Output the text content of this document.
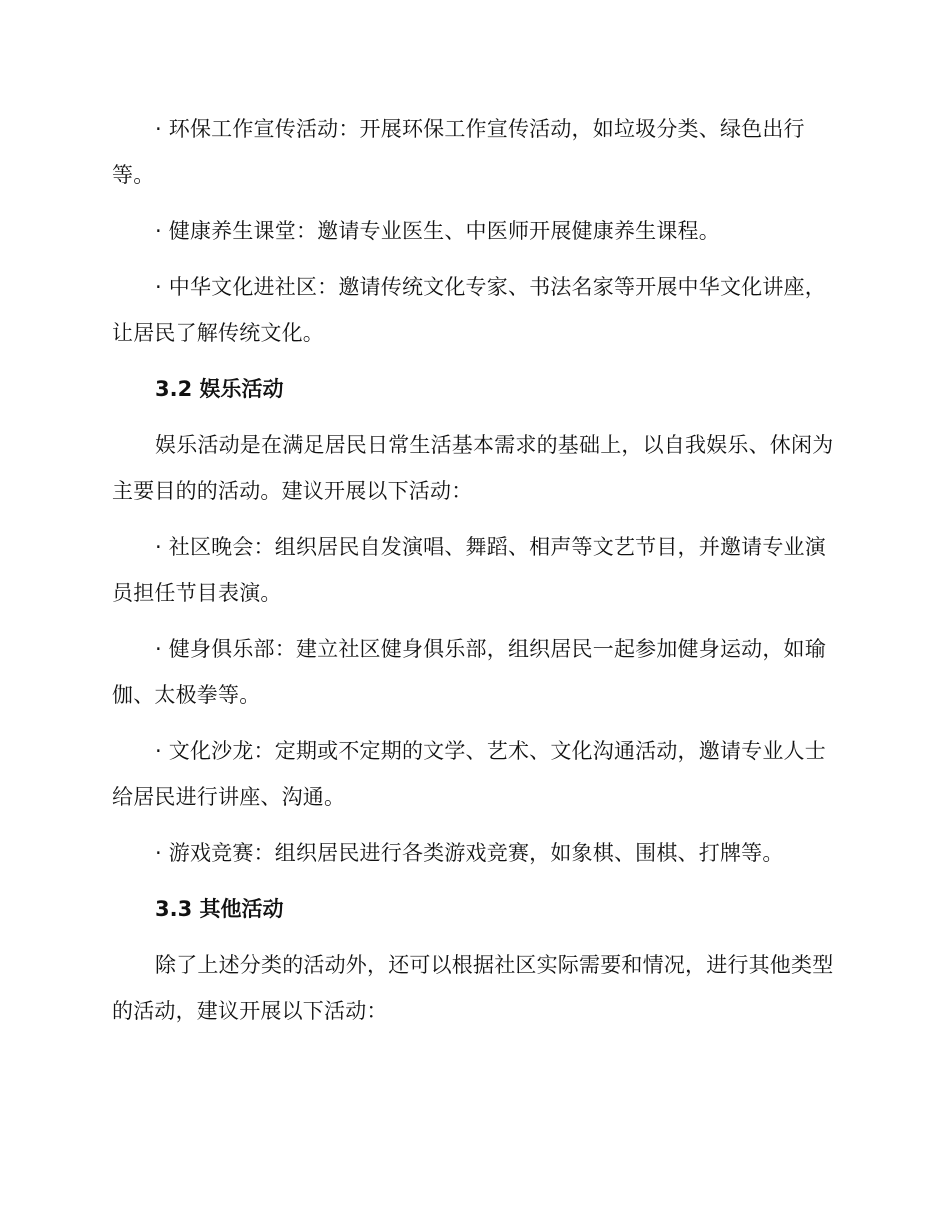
· 环保工作宣传活动：开展环保工作宣传活动，如垃圾分类、绿色出行等。

· 健康养生课堂：邀请专业医生、中医师开展健康养生课程。

· 中华文化进社区：邀请传统文化专家、书法名家等开展中华文化讲座，让居民了解传统文化。

3.2 娱乐活动

娱乐活动是在满足居民日常生活基本需求的基础上，以自我娱乐、休闲为主要目的的活动。建议开展以下活动：

· 社区晚会：组织居民自发演唱、舞蹈、相声等文艺节目，并邀请专业演员担任节目表演。

· 健身俱乐部：建立社区健身俱乐部，组织居民一起参加健身运动，如瑜伽、太极拳等。

· 文化沙龙：定期或不定期的文学、艺术、文化沟通活动，邀请专业人士给居民进行讲座、沟通。

· 游戏竞赛：组织居民进行各类游戏竞赛，如象棋、围棋、打牌等。

3.3 其他活动

除了上述分类的活动外，还可以根据社区实际需要和情况，进行其他类型的活动，建议开展以下活动：
